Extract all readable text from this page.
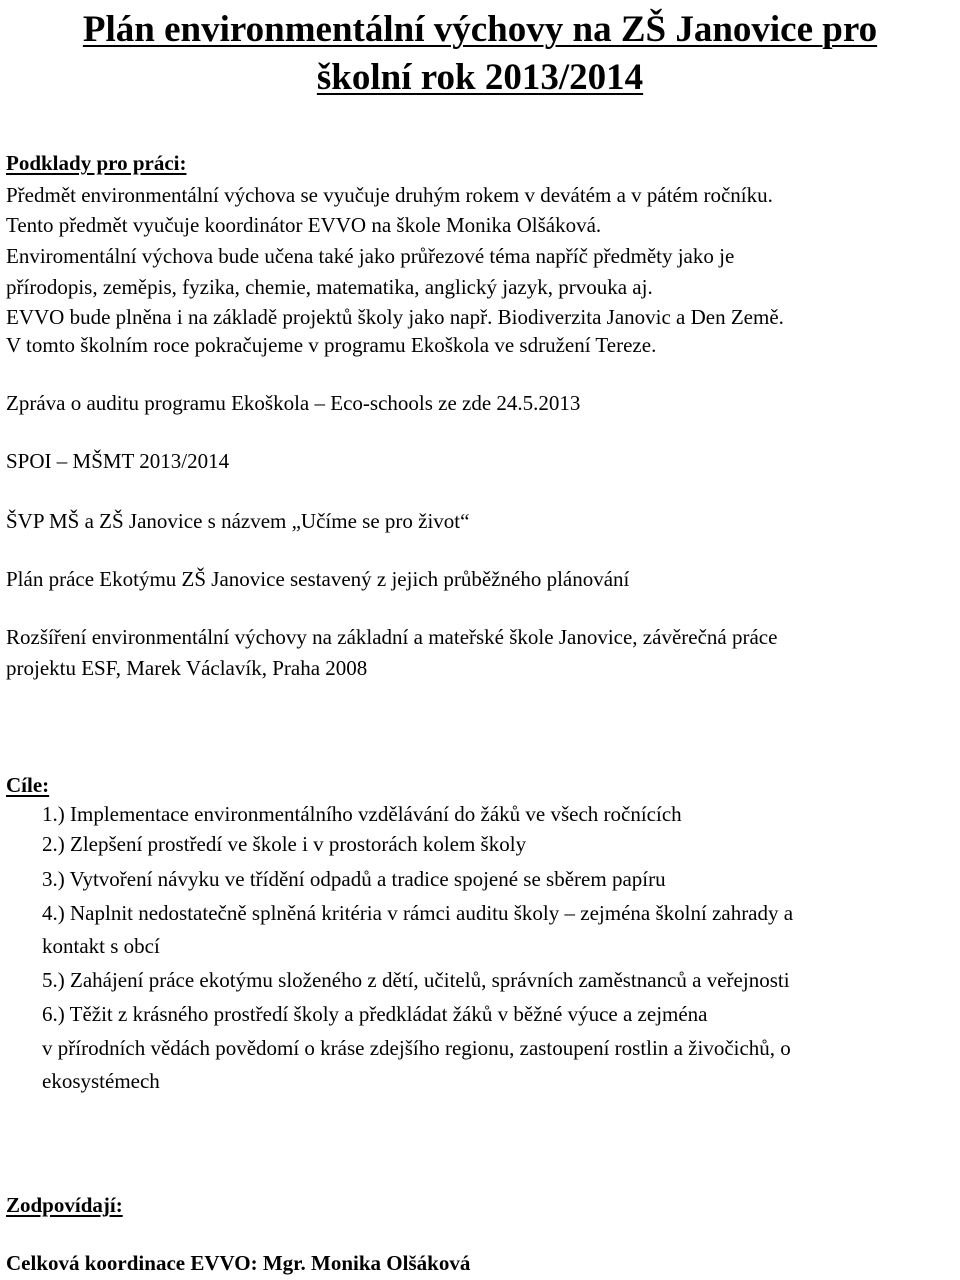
Plán environmentální výchovy na ZŠ Janovice pro
školní rok 2013/2014
Podklady pro práci:
Předmět environmentální výchova se vyučuje druhým rokem v devátém a v pátém ročníku.
Tento předmět vyučuje koordinátor EVVO na škole Monika Olšáková.
Enviromentální výchova bude učena také jako průřezové téma napříč předměty jako je
přírodopis, zeměpis, fyzika, chemie, matematika, anglický jazyk, prvouka aj.
EVVO bude plněna i na základě projektů školy jako např. Biodiverzita Janovic a Den Země.
V tomto školním roce pokračujeme v programu Ekoškola ve sdružení Tereze.
Zpráva o auditu programu Ekoškola – Eco-schools ze zde 24.5.2013
SPOI – MŠMT 2013/2014
ŠVP MŠ a ZŠ Janovice s názvem „Učíme se pro život“
Plán práce Ekotýmu ZŠ Janovice sestavený z jejich průběžného plánování
Rozšíření environmentální výchovy na základní a mateřské škole Janovice, závěrečná práce
projektu ESF, Marek Václavík, Praha 2008
Cíle:
1.) Implementace environmentálního vzdělávání do žáků ve všech ročnících
2.) Zlepšení prostředí ve škole i v prostorách kolem školy
3.) Vytvoření návyku ve třídění odpadů a tradice spojené se sběrem papíru
4.) Naplnit nedostatečně splněná kritéria v rámci auditu školy – zejména školní zahrady a
kontakt s obcí
5.) Zahájení práce ekotýmu složeného z dětí, učitelů, správních zaměstnanců a veřejnosti
6.) Těžit z krásného prostředí školy a předkládat žáků v běžné výuce a zejména
v přírodních vědách povědomí o kráse zdejšího regionu, zastoupení rostlin a živočichů, o
ekosystémech
Zodpovídají:
Celková koordinace EVVO: Mgr. Monika Olšáková
